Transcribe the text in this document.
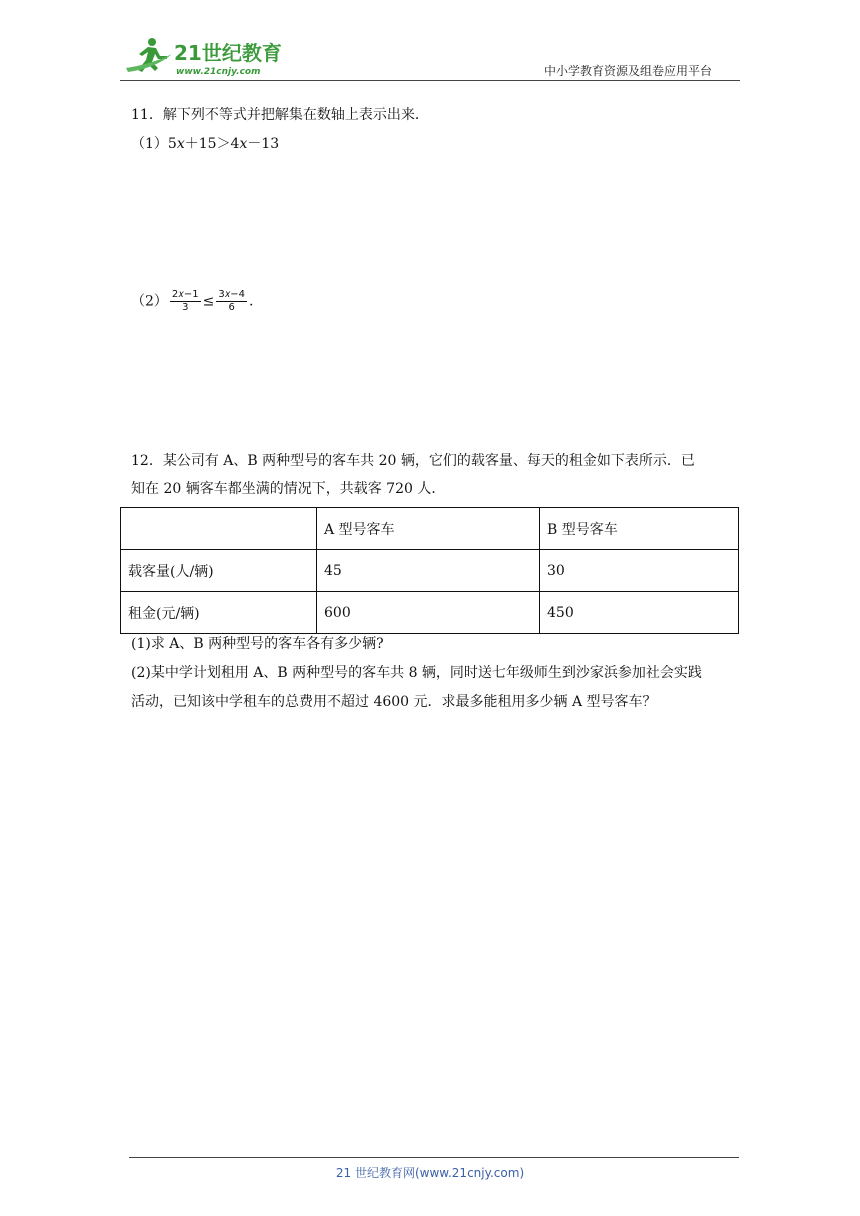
21世纪教育
www.21cnjy.com	中小学教育资源及组卷应用平台
11．解下列不等式并把解集在数轴上表示出来．
（1）5x＋15＞4x－13
$(2) \frac{\text{2𝑥−1}}{3} \le \frac{\text{3𝑥−4}}{6}$ .
12．某公司有 A、B 两种型号的客车共 20 辆，它们的载客量、每天的租金如下表所示．已
知在 20 辆客车都坐满的情况下，共载客 720 人．
	A 型号客车	B 型号客车
载客量(人/辆)	45	30
租金(元/辆)	600	450
(1)求 A、B 两种型号的客车各有多少辆?
(2)某中学计划租用 A、B 两种型号的客车共 8 辆，同时送七年级师生到沙家浜参加社会实践
活动，已知该中学租车的总费用不超过 4600 元．求最多能租用多少辆 A 型号客车？
21 世纪教育网(www.21cnjy.com)
